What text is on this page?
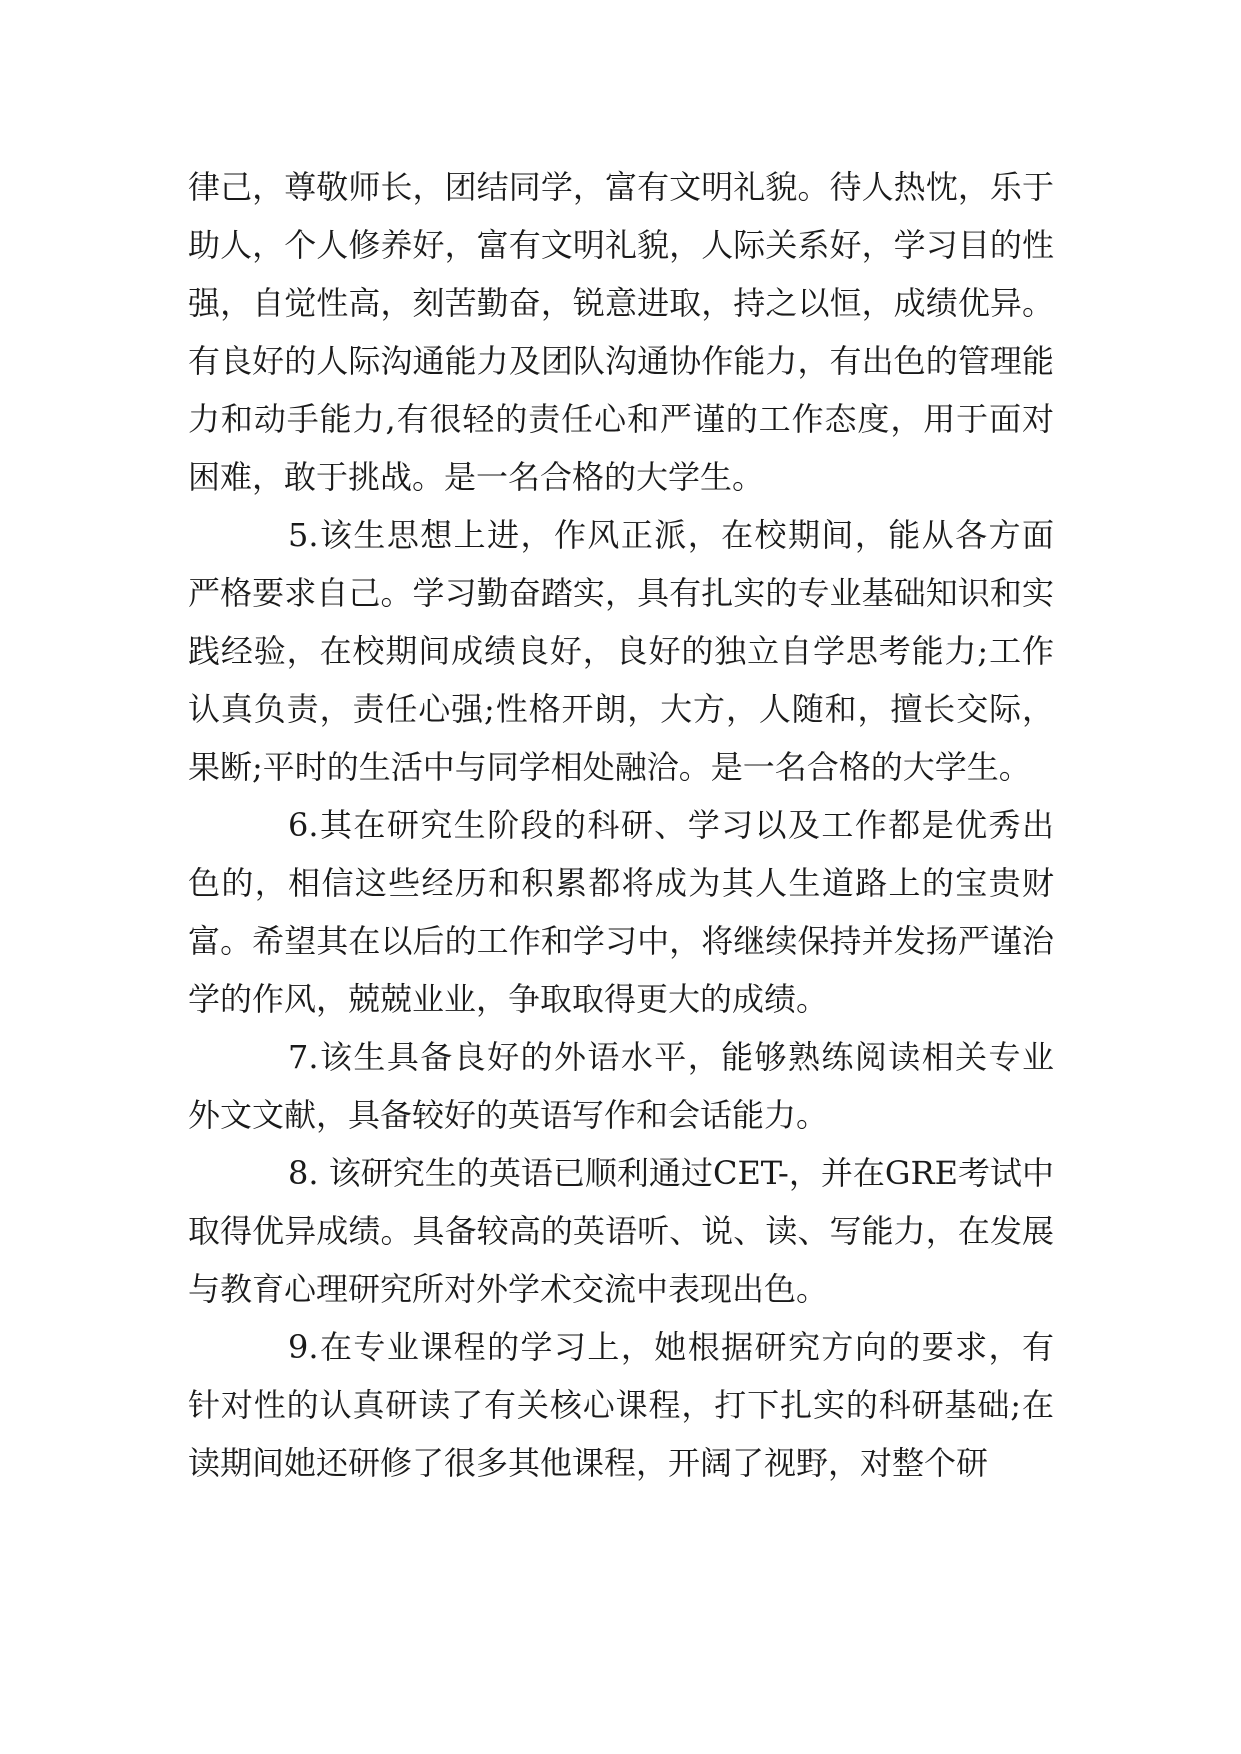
律己，尊敬师长，团结同学，富有文明礼貌。待人热忱，乐于助人，个人修养好，富有文明礼貌，人际关系好，学习目的性强，自觉性高，刻苦勤奋，锐意进取，持之以恒，成绩优异。有良好的人际沟通能力及团队沟通协作能力，有出色的管理能力和动手能力,有很轻的责任心和严谨的工作态度，用于面对困难，敢于挑战。是一名合格的大学生。

5.该生思想上进，作风正派，在校期间，能从各方面严格要求自己。学习勤奋踏实，具有扎实的专业基础知识和实践经验，在校期间成绩良好，良好的独立自学思考能力;工作认真负责，责任心强;性格开朗，大方，人随和，擅长交际，果断;平时的生活中与同学相处融洽。是一名合格的大学生。

6.其在研究生阶段的科研、学习以及工作都是优秀出色的，相信这些经历和积累都将成为其人生道路上的宝贵财富。希望其在以后的工作和学习中，将继续保持并发扬严谨治学的作风，兢兢业业，争取取得更大的成绩。

7.该生具备良好的外语水平，能够熟练阅读相关专业外文文献，具备较好的英语写作和会话能力。

8. 该研究生的英语已顺利通过CET-，并在GRE考试中取得优异成绩。具备较高的英语听、说、读、写能力，在发展与教育心理研究所对外学术交流中表现出色。

9.在专业课程的学习上，她根据研究方向的要求，有针对性的认真研读了有关核心课程，打下扎实的科研基础;在读期间她还研修了很多其他课程，开阔了视野，对整个研
